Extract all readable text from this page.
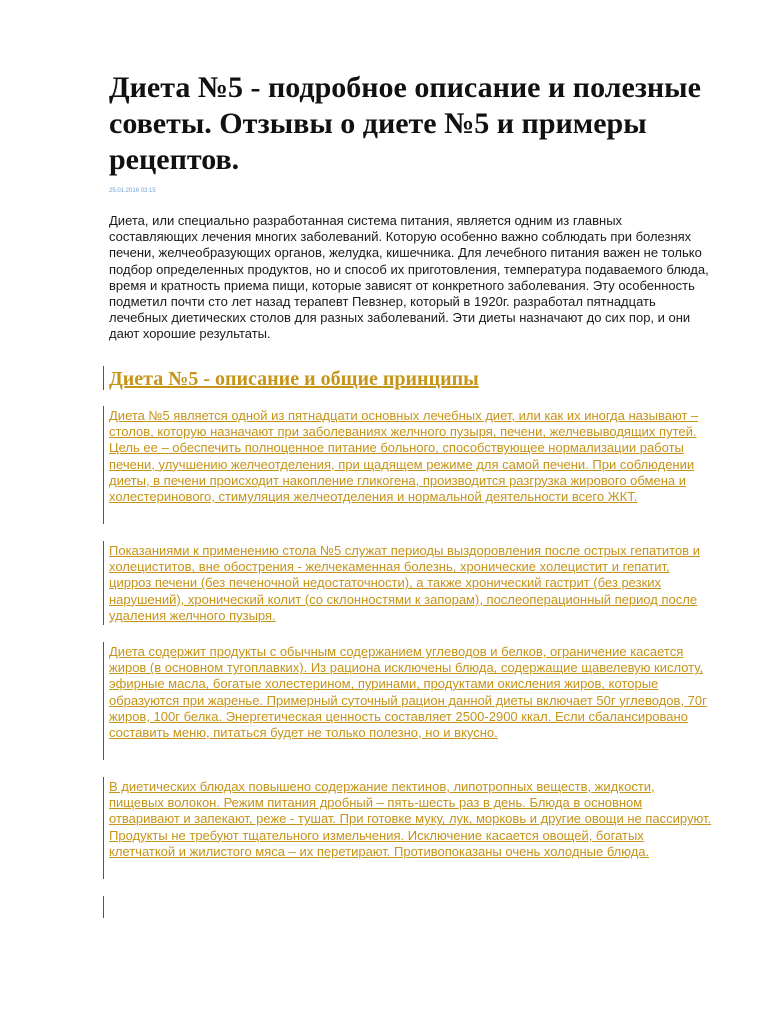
Диета №5 - подробное описание и полезные советы. Отзывы о диете №5 и примеры рецептов.
25.01.2016 03:15

Диета, или специально разработанная система питания, является одним из главных составляющих лечения многих заболеваний. Которую особенно важно соблюдать при болезнях печени, желчеобразующих органов, желудка, кишечника. Для лечебного питания важен не только подбор определенных продуктов, но и способ их приготовления, температура подаваемого блюда, время и кратность приема пищи, которые зависят от конкретного заболевания. Эту особенность подметил почти сто лет назад терапевт Певзнер, который в 1920г. разработал пятнадцать лечебных диетических столов для разных заболеваний. Эти диеты назначают до сих пор, и они дают хорошие результаты.

Диета №5 - описание и общие принципы

Диета №5 является одной из пятнадцати основных лечебных диет, или как их иногда называют – столов, которую назначают при заболеваниях желчного пузыря, печени, желчевыводящих путей. Цель ее – обеспечить полноценное питание больного, способствующее нормализации работы печени, улучшению желчеотделения, при щадящем режиме для самой печени. При соблюдении диеты, в печени происходит накопление гликогена, производится разгрузка жирового обмена и холестеринового, стимуляция желчеотделения и нормальной деятельности всего ЖКТ.

Показаниями к применению стола №5 служат периоды выздоровления после острых гепатитов и холециститов, вне обострения - желчекаменная болезнь, хронические холецистит и гепатит, цирроз печени (без печеночной недостаточности), а также хронический гастрит (без резких нарушений), хронический колит (со склонностями к запорам), послеоперационный период после удаления желчного пузыря.

Диета содержит продукты с обычным содержанием углеводов и белков, ограничение касается жиров (в основном тугоплавких). Из рациона исключены блюда, содержащие щавелевую кислоту, эфирные масла, богатые холестерином, пуринами, продуктами окисления жиров, которые образуются при жаренье. Примерный суточный рацион данной диеты включает 50г углеводов, 70г жиров, 100г белка. Энергетическая ценность составляет 2500-2900 ккал. Если сбалансировано составить меню, питаться будет не только полезно, но и вкусно.

В диетических блюдах повышено содержание пектинов, липотропных веществ, жидкости, пищевых волокон. Режим питания дробный – пять-шесть раз в день. Блюда в основном отваривают и запекают, реже - тушат. При готовке муку, лук, морковь и другие овощи не пассируют. Продукты не требуют тщательного измельчения. Исключение касается овощей, богатых клетчаткой и жилистого мяса – их перетирают. Противопоказаны очень холодные блюда.
